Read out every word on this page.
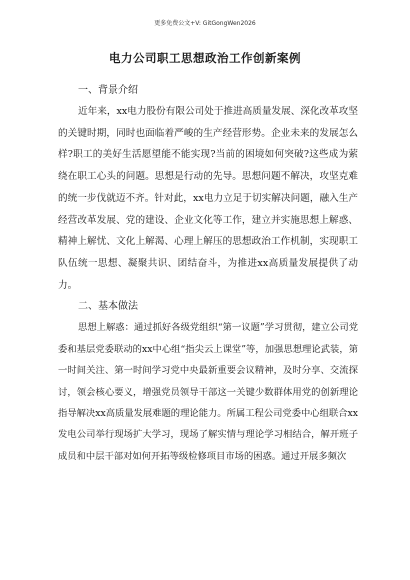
更多免费公文+V: GitGongWen2026
电力公司职工思想政治工作创新案例
一、背景介绍

近年来，xx电力股份有限公司处于推进高质量发展、深化改革攻坚的关键时期，同时也面临着严峻的生产经营形势。企业未来的发展怎么样?职工的美好生活愿望能不能实现?当前的困境如何突破?这些成为萦绕在职工心头的问题。思想是行动的先导。思想问题不解决，攻坚克难的统一步伐就迈不齐。针对此，xx电力立足于切实解决问题，融入生产经营改革发展、党的建设、企业文化等工作，建立并实施思想上解惑、精神上解忧、文化上解渴、心理上解压的思想政治工作机制，实现职工队伍统一思想、凝聚共识、团结奋斗，为推进xx高质量发展提供了动力。

二、基本做法

思想上解惑：通过抓好各级党组织“第一议题”学习贯彻，建立公司党委和基层党委联动的xx中心组“指尖云上课堂”等，加强思想理论武装，第一时间关注、第一时间学习党中央最新重要会议精神，及时分享、交流探讨，领会核心要义，增强党员领导干部这一关键少数群体用党的创新理论指导解决xx高质量发展难题的理论能力。所属工程公司党委中心组联合xx发电公司举行现场扩大学习，现场了解实情与理论学习相结合，解开班子成员和中层干部对如何开拓等级检修项目市场的困惑。通过开展多频次
